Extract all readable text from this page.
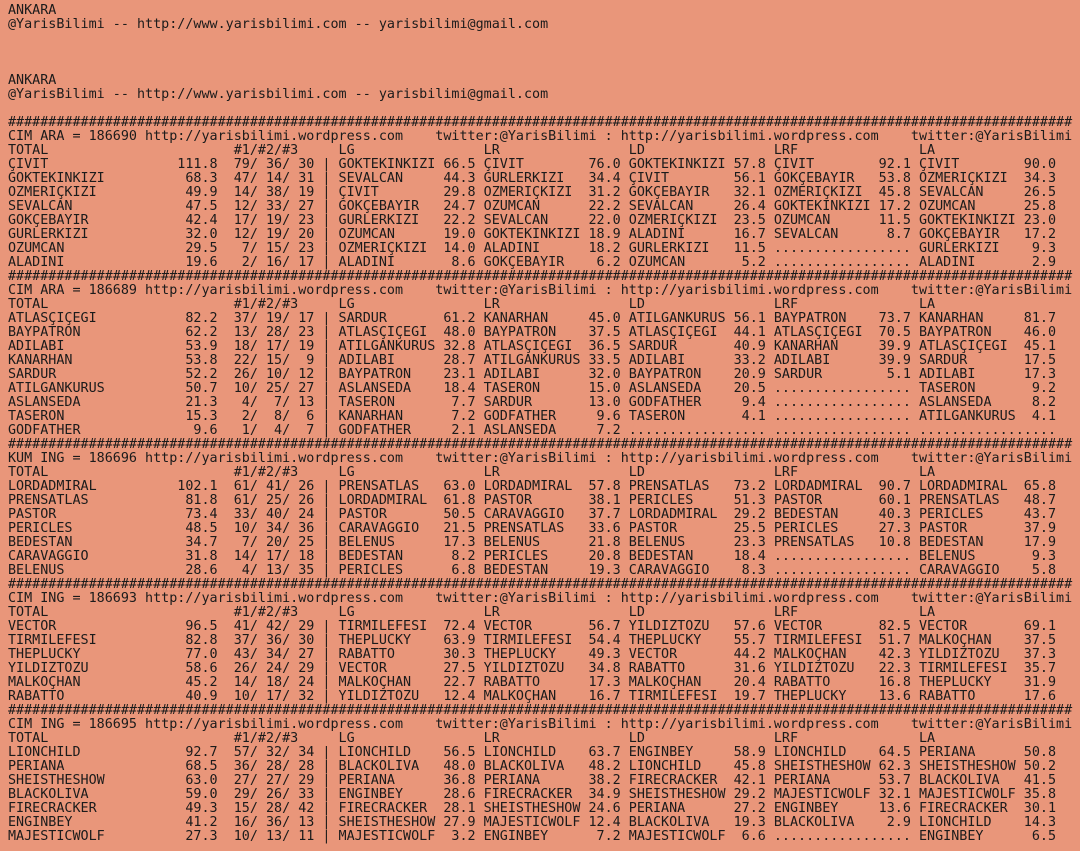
ANKARA
@YarisBilimi -- http://www.yarisbilimi.com -- yarisbilimi@gmail.com
ANKARA
@YarisBilimi -- http://www.yarisbilimi.com -- yarisbilimi@gmail.com
####################################################################################################################################
CIM ARA = 186690 http://yarisbilimi.wordpress.com    twitter:@YarisBilimi : http://yarisbilimi.wordpress.com    twitter:@YarisBilimi
TOTAL                       #1/#2/#3     LG                LR                LD                LRF               LA
ÇIVIT                111.8  79/ 36/ 30 | GÖKTEKINKIZI 66.5 ÇIVIT        76.0 GÖKTEKINKIZI 57.8 ÇIVIT        92.1 ÇIVIT        90.0
GÖKTEKINKIZI          68.3  47/ 14/ 31 | SEVALCAN     44.3 GÜRLERKIZI   34.4 ÇIVIT        56.1 GÖKÇEBAYIR   53.8 ÖZMERIÇKIZI  34.3
ÖZMERIÇKIZI           49.9  14/ 38/ 19 | ÇIVIT        29.8 ÖZMERIÇKIZI  31.2 GÖKÇEBAYIR   32.1 ÖZMERIÇKIZI  45.8 SEVALCAN     26.5
SEVALCAN              47.5  12/ 33/ 27 | GÖKÇEBAYIR   24.7 ÖZÜMCAN      22.2 SEVALCAN     26.4 GÖKTEKINKIZI 17.2 ÖZÜMCAN      25.8
GÖKÇEBAYIR            42.4  17/ 19/ 23 | GÜRLERKIZI   22.2 SEVALCAN     22.0 ÖZMERIÇKIZI  23.5 ÖZÜMCAN      11.5 GÖKTEKINKIZI 23.0
GÜRLERKIZI            32.0  12/ 19/ 20 | ÖZÜMCAN      19.0 GÖKTEKINKIZI 18.9 ALADINI      16.7 SEVALCAN      8.7 GÖKÇEBAYIR   17.2
ÖZÜMCAN               29.5   7/ 15/ 23 | ÖZMERIÇKIZI  14.0 ALADINI      18.2 GÜRLERKIZI   11.5 ................. GÜRLERKIZI    9.3
ALADINI               19.6   2/ 16/ 17 | ALADINI       8.6 GÖKÇEBAYIR    6.2 ÖZÜMCAN       5.2 ................. ALADINI       2.9
####################################################################################################################################
CIM ARA = 186689 http://yarisbilimi.wordpress.com    twitter:@YarisBilimi : http://yarisbilimi.wordpress.com    twitter:@YarisBilimi
TOTAL                       #1/#2/#3     LG                LR                LD                LRF               LA
ATLASÇIÇEGI           82.2  37/ 19/ 17 | SARDUR       61.2 KANARHAN     45.0 ATILGANKURUS 56.1 BAYPATRON    73.7 KANARHAN     81.7
BAYPATRON             62.2  13/ 28/ 23 | ATLASÇIÇEGI  48.0 BAYPATRON    37.5 ATLASÇIÇEGI  44.1 ATLASÇIÇEGI  70.5 BAYPATRON    46.0
ADILABI               53.9  18/ 17/ 19 | ATILGANKURUS 32.8 ATLASÇIÇEGI  36.5 SARDUR       40.9 KANARHAN     39.9 ATLASÇIÇEGI  45.1
KANARHAN              53.8  22/ 15/  9 | ADILABI      28.7 ATILGANKURUS 33.5 ADILABI      33.2 ADILABI      39.9 SARDUR       17.5
SARDUR                52.2  26/ 10/ 12 | BAYPATRON    23.1 ADILABI      32.0 BAYPATRON    20.9 SARDUR        5.1 ADILABI      17.3
ATILGANKURUS          50.7  10/ 25/ 27 | ASLANSEDA    18.4 TASERON      15.0 ASLANSEDA    20.5 ................. TASERON       9.2
ASLANSEDA             21.3   4/  7/ 13 | TASERON       7.7 SARDUR       13.0 GODFATHER     9.4 ................. ASLANSEDA     8.2
TASERON               15.3   2/  8/  6 | KANARHAN      7.2 GODFATHER     9.6 TASERON       4.1 ................. ATILGANKURUS  4.1
GODFATHER              9.6   1/  4/  7 | GODFATHER     2.1 ASLANSEDA     7.2 ................. ................. .................
####################################################################################################################################
KUM ING = 186696 http://yarisbilimi.wordpress.com    twitter:@YarisBilimi : http://yarisbilimi.wordpress.com    twitter:@YarisBilimi
TOTAL                       #1/#2/#3     LG                LR                LD                LRF               LA
LORDADMIRAL          102.1  61/ 41/ 26 | PRENSATLAS   63.0 LORDADMIRAL  57.8 PRENSATLAS   73.2 LORDADMIRAL  90.7 LORDADMIRAL  65.8
PRENSATLAS            81.8  61/ 25/ 26 | LORDADMIRAL  61.8 PASTOR       38.1 PERICLES     51.3 PASTOR       60.1 PRENSATLAS   48.7
PASTOR                73.4  33/ 40/ 24 | PASTOR       50.5 CARAVAGGIO   37.7 LORDADMIRAL  29.2 BEDESTAN     40.3 PERICLES     43.7
PERICLES              48.5  10/ 34/ 36 | CARAVAGGIO   21.5 PRENSATLAS   33.6 PASTOR       25.5 PERICLES     27.3 PASTOR       37.9
BEDESTAN              34.7   7/ 20/ 25 | BELENUS      17.3 BELENUS      21.8 BELENUS      23.3 PRENSATLAS   10.8 BEDESTAN     17.9
CARAVAGGIO            31.8  14/ 17/ 18 | BEDESTAN      8.2 PERICLES     20.8 BEDESTAN     18.4 ................. BELENUS       9.3
BELENUS               28.6   4/ 13/ 35 | PERICLES      6.8 BEDESTAN     19.3 CARAVAGGIO    8.3 ................. CARAVAGGIO    5.8
####################################################################################################################################
CIM ING = 186693 http://yarisbilimi.wordpress.com    twitter:@YarisBilimi : http://yarisbilimi.wordpress.com    twitter:@YarisBilimi
TOTAL                       #1/#2/#3     LG                LR                LD                LRF               LA
VECTOR                96.5  41/ 42/ 29 | TIRMILEFESI  72.4 VECTOR       56.7 YILDIZTOZU   57.6 VECTOR       82.5 VECTOR       69.1
TIRMILEFESI           82.8  37/ 36/ 30 | THEPLUCKY    63.9 TIRMILEFESI  54.4 THEPLUCKY    55.7 TIRMILEFESI  51.7 MALKOÇHAN    37.5
THEPLUCKY             77.0  43/ 34/ 27 | RABATTO      30.3 THEPLUCKY    49.3 VECTOR       44.2 MALKOÇHAN    42.3 YILDIZTOZU   37.3
YILDIZTOZU            58.6  26/ 24/ 29 | VECTOR       27.5 YILDIZTOZU   34.8 RABATTO      31.6 YILDIZTOZU   22.3 TIRMILEFESI  35.7
MALKOÇHAN             45.2  14/ 18/ 24 | MALKOÇHAN    22.7 RABATTO      17.3 MALKOÇHAN    20.4 RABATTO      16.8 THEPLUCKY    31.9
RABATTO               40.9  10/ 17/ 32 | YILDIZTOZU   12.4 MALKOÇHAN    16.7 TIRMILEFESI  19.7 THEPLUCKY    13.6 RABATTO      17.6
####################################################################################################################################
CIM ING = 186695 http://yarisbilimi.wordpress.com    twitter:@YarisBilimi : http://yarisbilimi.wordpress.com    twitter:@YarisBilimi
TOTAL                       #1/#2/#3     LG                LR                LD                LRF               LA
LIONCHILD             92.7  57/ 32/ 34 | LIONCHILD    56.5 LIONCHILD    63.7 ENGINBEY     58.9 LIONCHILD    64.5 PERIANA      50.8
PERIANA               68.5  36/ 28/ 28 | BLACKOLIVA   48.0 BLACKOLIVA   48.2 LIONCHILD    45.8 SHEISTHESHOW 62.3 SHEISTHESHOW 50.2
SHEISTHESHOW          63.0  27/ 27/ 29 | PERIANA      36.8 PERIANA      38.2 FIRECRACKER  42.1 PERIANA      53.7 BLACKOLIVA   41.5
BLACKOLIVA            59.0  29/ 26/ 33 | ENGINBEY     28.6 FIRECRACKER  34.9 SHEISTHESHOW 29.2 MAJESTICWOLF 32.1 MAJESTICWOLF 35.8
FIRECRACKER           49.3  15/ 28/ 42 | FIRECRACKER  28.1 SHEISTHESHOW 24.6 PERIANA      27.2 ENGINBEY     13.6 FIRECRACKER  30.1
ENGINBEY              41.2  16/ 36/ 13 | SHEISTHESHOW 27.9 MAJESTICWOLF 12.4 BLACKOLIVA   19.3 BLACKOLIVA    2.9 LIONCHILD    14.3
MAJESTICWOLF          27.3  10/ 13/ 11 | MAJESTICWOLF  3.2 ENGINBEY      7.2 MAJESTICWOLF  6.6 ................. ENGINBEY      6.5
